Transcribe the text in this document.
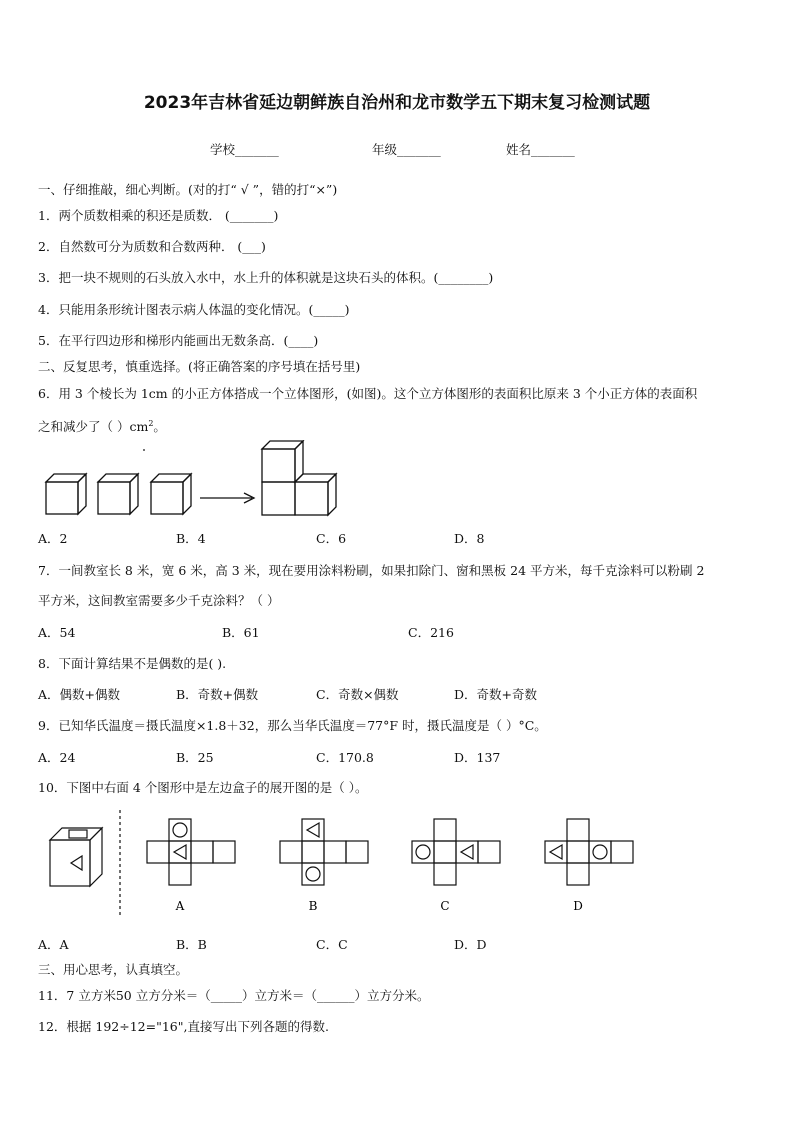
2023年吉林省延边朝鲜族自治州和龙市数学五下期末复习检测试题
学校_______	年级_______	姓名_______
一、仔细推敲，细心判断。(对的打“ √ ”，错的打“×”)
1．两个质数相乘的积还是质数． (_______)
2．自然数可分为质数和合数两种． (___)
3．把一块不规则的石头放入水中，水上升的体积就是这块石头的体积。(________)
4．只能用条形统计图表示病人体温的变化情况。(_____)
5．在平行四边形和梯形内能画出无数条高．(____)
二、反复思考，慎重选择。(将正确答案的序号填在括号里)
6．用 3 个棱长为 1cm 的小正方体搭成一个立体图形，(如图)。这个立方体图形的表面积比原来 3 个小正方体的表面积
之和减少了（ ）$cm^2$。
A．2	B．4	C．6	D．8
7．一间教室长 8 米，宽 6 米，高 3 米，现在要用涂料粉刷，如果扣除门、窗和黑板 24 平方米，每千克涂料可以粉刷 2
平方米，这间教室需要多少千克涂料？（ ）
A．54	B．61	C．216
8．下面计算结果不是偶数的是( ).
A．偶数+偶数	B．奇数+偶数	C．奇数×偶数	D．奇数+奇数
9．已知华氏温度＝摄氏温度×1.8＋32，那么当华氏温度＝77°F 时，摄氏温度是（ ）°C。
A．24	B．25	C．170.8	D．137
10．下图中右面 4 个图形中是左边盒子的展开图的是（ ）。
A	B	C	D
A．A	B．B	C．C	D．D
三、用心思考，认真填空。
11．7 立方米50 立方分米＝（_____）立方米＝（______）立方分米。
12．根据 192÷12="16",直接写出下列各题的得数.
